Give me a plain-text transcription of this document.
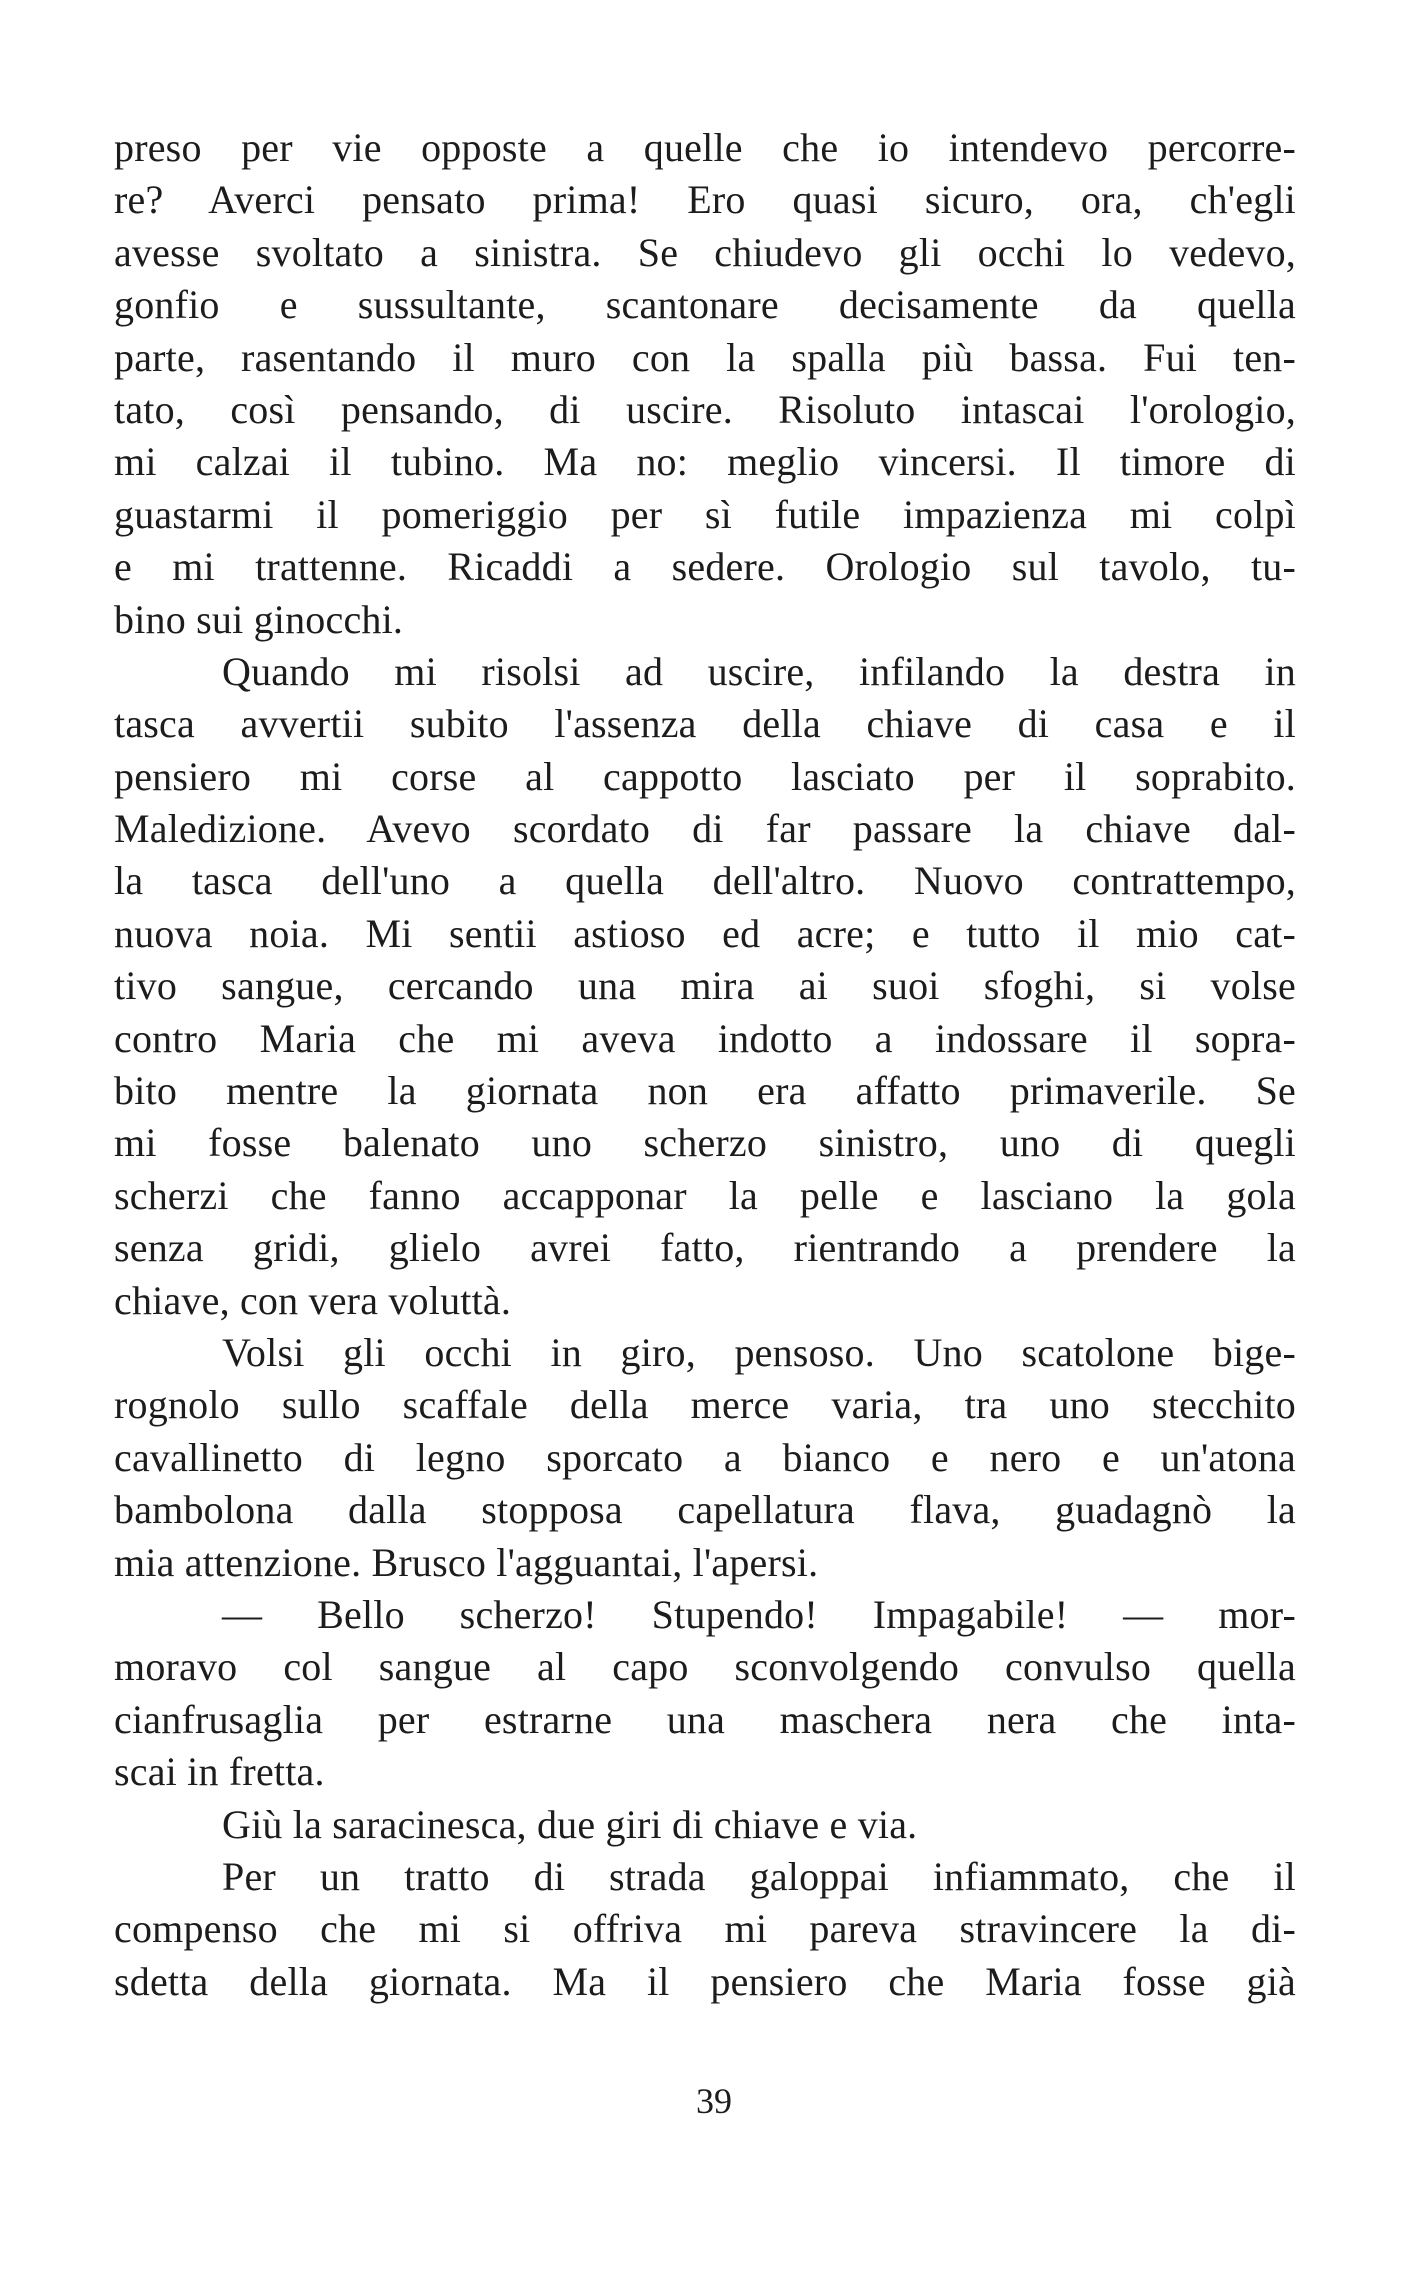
preso per vie opposte a quelle che io intendevo percorre-
re? Averci pensato prima! Ero quasi sicuro, ora, ch'egli
avesse svoltato a sinistra. Se chiudevo gli occhi lo vedevo,
gonfio e sussultante, scantonare decisamente da quella
parte, rasentando il muro con la spalla più bassa. Fui ten-
tato, così pensando, di uscire. Risoluto intascai l'orologio,
mi calzai il tubino. Ma no: meglio vincersi. Il timore di
guastarmi il pomeriggio per sì futile impazienza mi colpì
e mi trattenne. Ricaddi a sedere. Orologio sul tavolo, tu-
bino sui ginocchi.
Quando mi risolsi ad uscire, infilando la destra in
tasca avvertii subito l'assenza della chiave di casa e il
pensiero mi corse al cappotto lasciato per il soprabito.
Maledizione. Avevo scordato di far passare la chiave dal-
la tasca dell'uno a quella dell'altro. Nuovo contrattempo,
nuova noia. Mi sentii astioso ed acre; e tutto il mio cat-
tivo sangue, cercando una mira ai suoi sfoghi, si volse
contro Maria che mi aveva indotto a indossare il sopra-
bito mentre la giornata non era affatto primaverile. Se
mi fosse balenato uno scherzo sinistro, uno di quegli
scherzi che fanno accapponar la pelle e lasciano la gola
senza gridi, glielo avrei fatto, rientrando a prendere la
chiave, con vera voluttà.
Volsi gli occhi in giro, pensoso. Uno scatolone bige-
rognolo sullo scaffale della merce varia, tra uno stecchito
cavallinetto di legno sporcato a bianco e nero e un'atona
bambolona dalla stopposa capellatura flava, guadagnò la
mia attenzione. Brusco l'agguantai, l'apersi.
— Bello scherzo! Stupendo! Impagabile! — mor-
moravo col sangue al capo sconvolgendo convulso quella
cianfrusaglia per estrarne una maschera nera che inta-
scai in fretta.
Giù la saracinesca, due giri di chiave e via.
Per un tratto di strada galoppai infiammato, che il
compenso che mi si offriva mi pareva stravincere la di-
sdetta della giornata. Ma il pensiero che Maria fosse già
39
